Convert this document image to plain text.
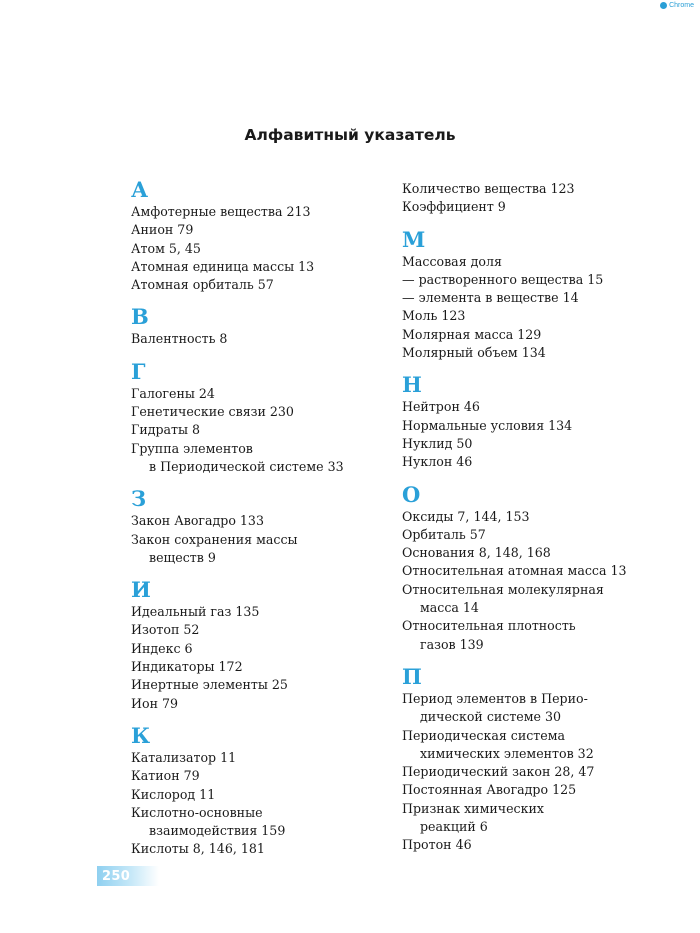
Chrome
Алфавитный указатель
А
Амфотерные вещества 213
Анион 79
Атом 5, 45
Атомная единица массы 13
Атомная орбиталь 57
В
Валентность 8
Г
Галогены 24
Генетические связи 230
Гидраты 8
Группа элементов
в Периодической системе 33
З
Закон Авогадро 133
Закон сохранения массы
веществ 9
И
Идеальный газ 135
Изотоп 52
Индекс 6
Индикаторы 172
Инертные элементы 25
Ион 79
К
Катализатор 11
Катион 79
Кислород 11
Кислотно-основные
взаимодействия 159
Кислоты 8, 146, 181
Количество вещества 123
Коэффициент 9
М
Массовая доля
— растворенного вещества 15
— элемента в веществе 14
Моль 123
Молярная масса 129
Молярный объем 134
Н
Нейтрон 46
Нормальные условия 134
Нуклид 50
Нуклон 46
О
Оксиды 7, 144, 153
Орбиталь 57
Основания 8, 148, 168
Относительная атомная масса 13
Относительная молекулярная
масса 14
Относительная плотность
газов 139
П
Период элементов в Перио-
дической системе 30
Периодическая система
химических элементов 32
Периодический закон 28, 47
Постоянная Авогадро 125
Признак химических
реакций 6
Протон 46
250
